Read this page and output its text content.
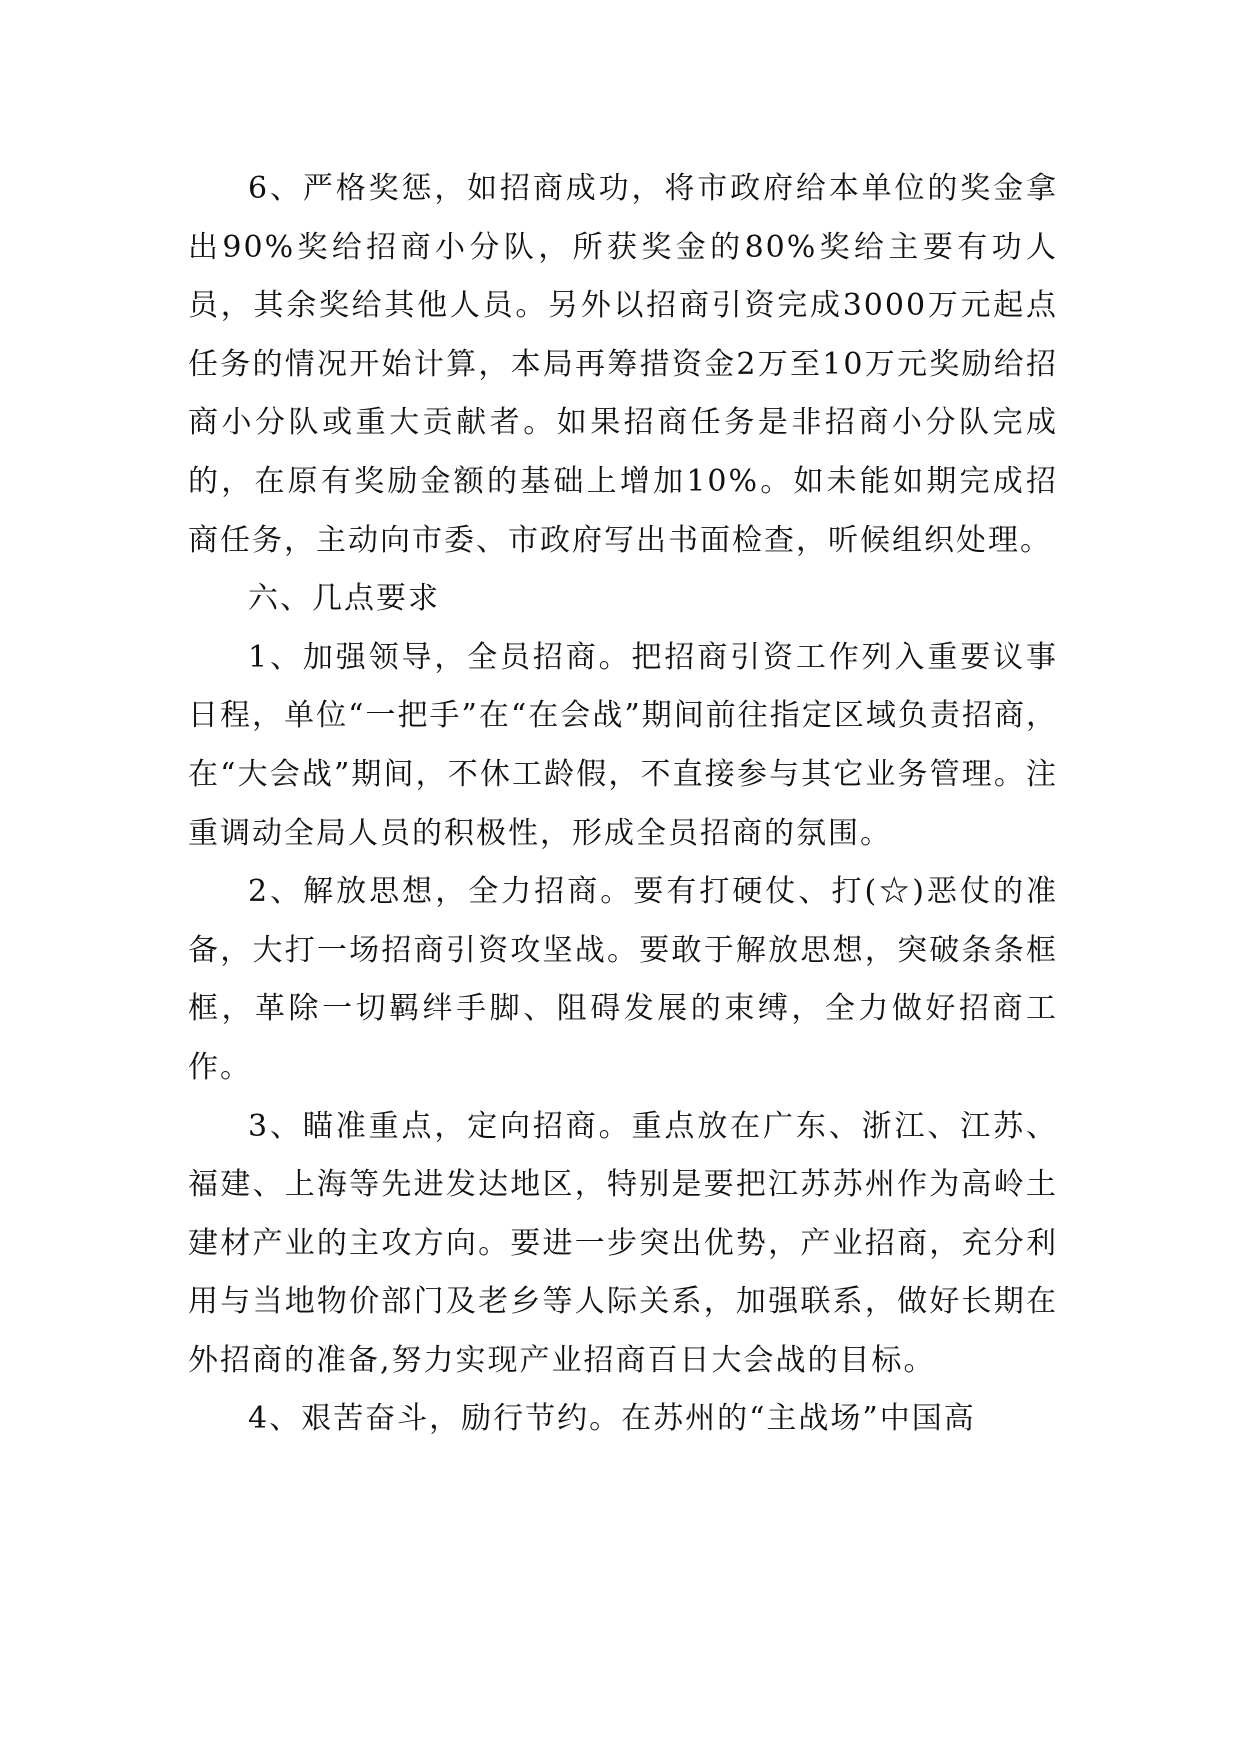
6、严格奖惩，如招商成功，将市政府给本单位的奖金拿出90%奖给招商小分队，所获奖金的80%奖给主要有功人员，其余奖给其他人员。另外以招商引资完成3000万元起点任务的情况开始计算，本局再筹措资金2万至10万元奖励给招商小分队或重大贡献者。如果招商任务是非招商小分队完成的，在原有奖励金额的基础上增加10%。如未能如期完成招商任务，主动向市委、市政府写出书面检查，听候组织处理。

六、几点要求

1、加强领导，全员招商。把招商引资工作列入重要议事日程，单位“一把手”在“在会战”期间前往指定区域负责招商，在“大会战”期间，不休工龄假，不直接参与其它业务管理。注重调动全局人员的积极性，形成全员招商的氛围。

2、解放思想，全力招商。要有打硬仗、打(☆)恶仗的准备，大打一场招商引资攻坚战。要敢于解放思想，突破条条框框，革除一切羁绊手脚、阻碍发展的束缚，全力做好招商工作。

3、瞄准重点，定向招商。重点放在广东、浙江、江苏、福建、上海等先进发达地区，特别是要把江苏苏州作为高岭土建材产业的主攻方向。要进一步突出优势，产业招商，充分利用与当地物价部门及老乡等人际关系，加强联系，做好长期在外招商的准备,努力实现产业招商百日大会战的目标。

4、艰苦奋斗，励行节约。在苏州的“主战场”中国高
